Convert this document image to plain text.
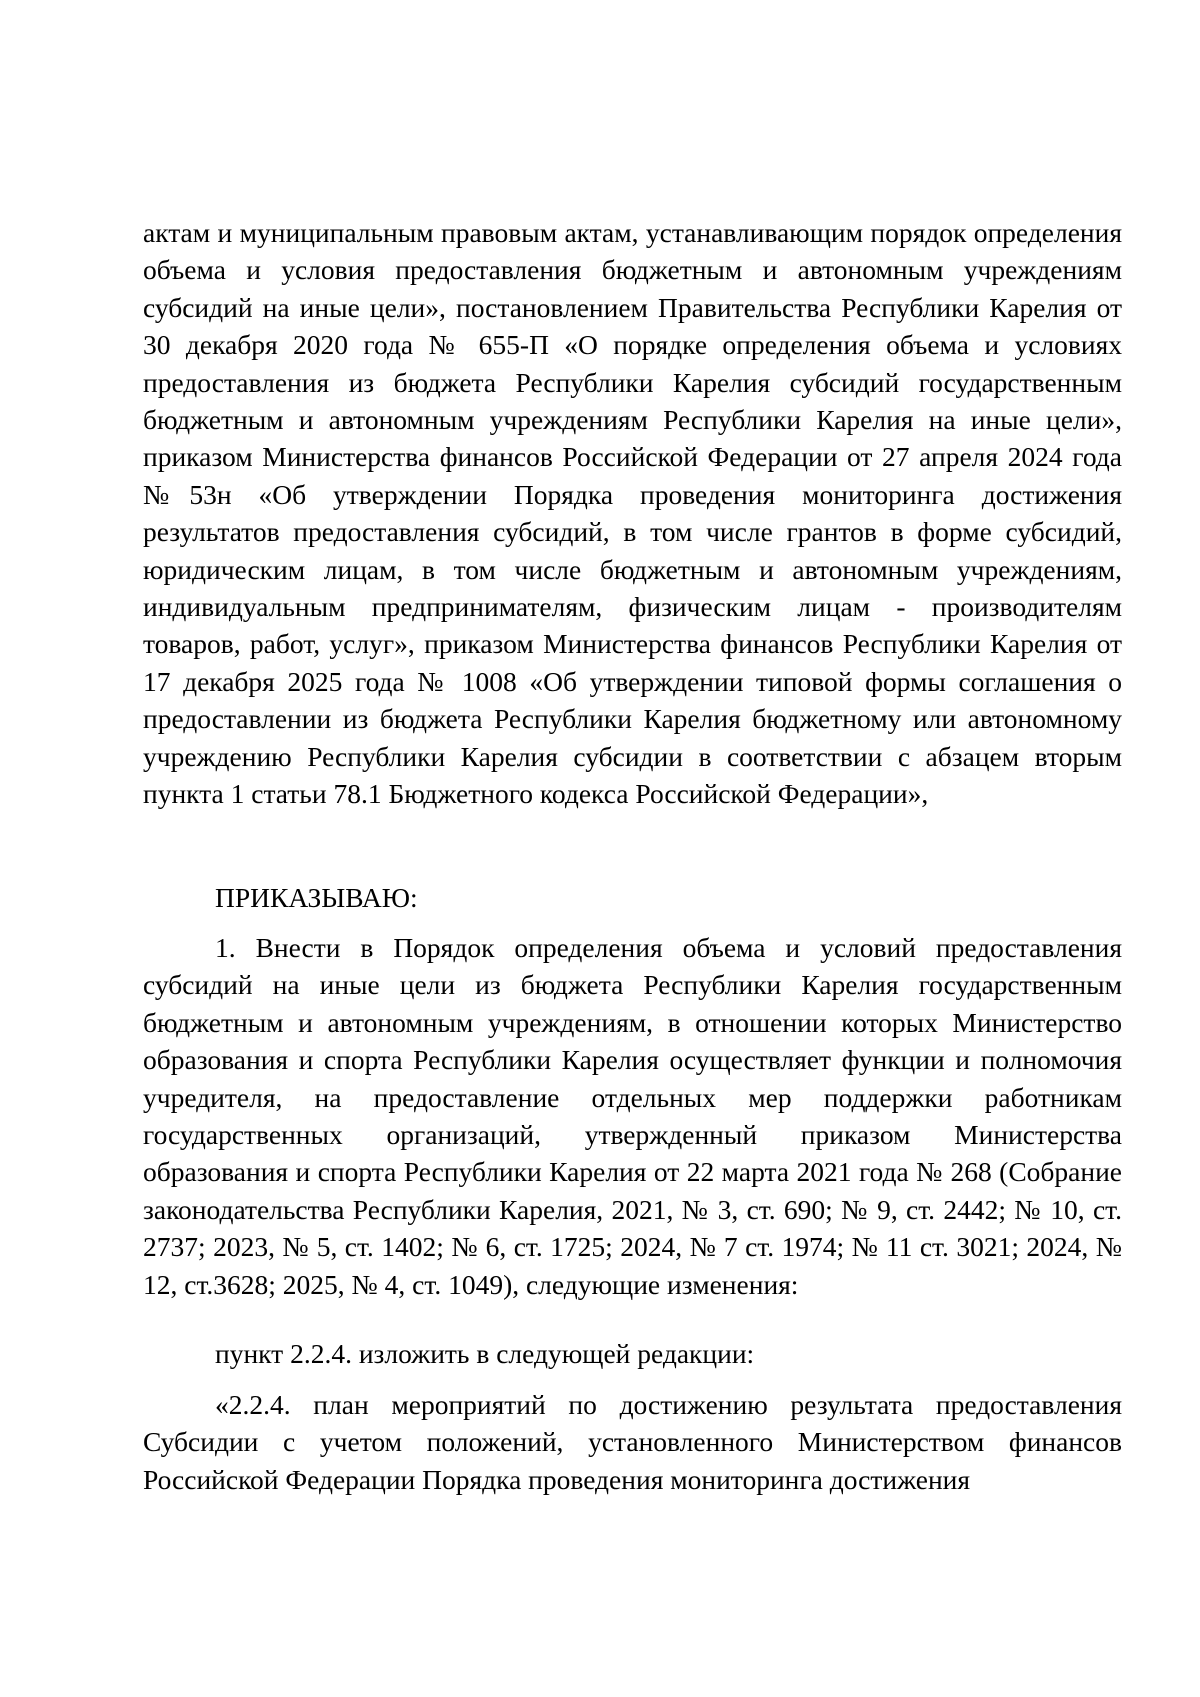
актам и муниципальным правовым актам, устанавливающим порядок определения объема и условия предоставления бюджетным и автономным учреждениям субсидий на иные цели», постановлением Правительства Республики Карелия от 30 декабря 2020 года № 655-П «О порядке определения объема и условиях предоставления из бюджета Республики Карелия субсидий государственным бюджетным и автономным учреждениям Республики Карелия на иные цели», приказом Министерства финансов Российской Федерации от 27 апреля 2024 года №53н «Об утверждении Порядка проведения мониторинга достижения результатов предоставления субсидий, в том числе грантов в форме субсидий, юридическим лицам, в том числе бюджетным и автономным учреждениям, индивидуальным предпринимателям, физическим лицам - производителям товаров, работ, услуг», приказом Министерства финансов Республики Карелия от 17 декабря 2025 года № 1008 «Об утверждении типовой формы соглашения о предоставлении из бюджета Республики Карелия бюджетному или автономному учреждению Республики Карелия субсидии в соответствии с абзацем вторым пункта 1 статьи 78.1 Бюджетного кодекса Российской Федерации»,

ПРИКАЗЫВАЮ:

1. Внести в Порядок определения объема и условий предоставления субсидий на иные цели из бюджета Республики Карелия государственным бюджетным и автономным учреждениям, в отношении которых Министерство образования и спорта Республики Карелия осуществляет функции и полномочия учредителя, на предоставление отдельных мер поддержки работникам государственных организаций, утвержденный приказом Министерства образования и спорта Республики Карелия от 22 марта 2021 года № 268 (Собрание законодательства Республики Карелия, 2021, № 3, ст. 690; № 9, ст. 2442; № 10, ст. 2737; 2023, № 5, ст. 1402; № 6, ст. 1725; 2024, № 7 ст. 1974; № 11 ст. 3021; 2024, № 12, ст.3628; 2025, № 4, ст. 1049), следующие изменения:

пункт 2.2.4. изложить в следующей редакции:

«2.2.4. план мероприятий по достижению результата предоставления Субсидии с учетом положений, установленного Министерством финансов Российской Федерации Порядка проведения мониторинга достижения
